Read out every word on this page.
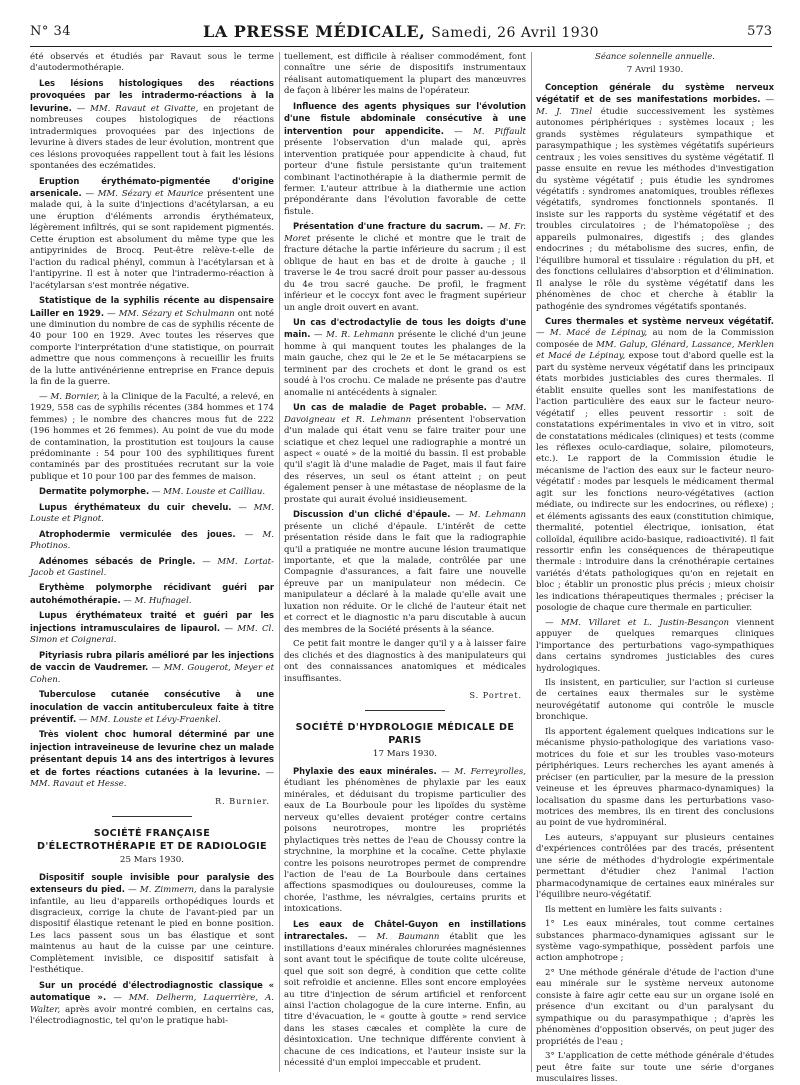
N° 34	LA PRESSE MÉDICALE, Samedi, 26 Avril 1930	573

été observés et étudiés par Ravaut sous le terme d'autodermothérapie.

Les lésions histologiques des réactions provoquées par les intradermo-réactions à la levurine. — MM. Ravaut et Givatte, en projetant de nombreuses coupes histologiques de réactions intradermiques provoquées par des injections de levurine à divers stades de leur évolution, montrent que ces lésions provoquées rappellent tout à fait les lésions spontanées des eczématides.

Eruption érythémato-pigmentée d'origine arsenicale. — MM. Sézary et Maurice présentent une malade qui, à la suite d'injections d'acétylarsan, a eu une éruption d'éléments arrondis érythémateux, légèrement infiltrés, qui se sont rapidement pigmentés. Cette éruption est absolument du même type que les antipyrinides de Brocq. Peut-être relève-t-elle de l'action du radical phényl, commun à l'acétylarsan et à l'antipyrine. Il est à noter que l'intradermo-réaction à l'acétylarsan s'est montrée négative.

Statistique de la syphilis récente au dispensaire Lailler en 1929. — MM. Sézary et Schulmann ont noté une diminution du nombre de cas de syphilis récente de 40 pour 100 en 1929. Avec toutes les réserves que comporte l'interprétation d'une statistique, on pourrait admettre que nous commençons à recueillir les fruits de la lutte antivénérienne entreprise en France depuis la fin de la guerre.

— M. Bornier, à la Clinique de la Faculté, a relevé, en 1929, 558 cas de syphilis récentes (384 hommes et 174 femmes) ; le nombre des chancres mous fut de 222 (196 hommes et 26 femmes). Au point de vue du mode de contamination, la prostitution est toujours la cause prédominante : 54 pour 100 des syphilitiques furent contaminés par des prostituées recrutant sur la voie publique et 10 pour 100 par des femmes de maison.

Dermatite polymorphe. — MM. Louste et Cailliau.

Lupus érythémateux du cuir chevelu. — MM. Louste et Pignot.

Atrophodermie vermiculée des joues. — M. Photinos.

Adénomes sébacés de Pringle. — MM. Lortat-Jacob et Gastinel.

Erythème polymorphe récidivant guéri par autohémothérapie. — M. Hufnagel.

Lupus érythémateux traité et guéri par les injections intramusculaires de lipaurol. — MM. Cl. Simon et Coignerai.

Pityriasis rubra pilaris amélioré par les injections de vaccin de Vaudremer. — MM. Gougerot, Meyer et Cohen.

Tuberculose cutanée consécutive à une inoculation de vaccin antituberculeux faite à titre préventif. — MM. Louste et Lévy-Fraenkel.

Très violent choc humoral déterminé par une injection intraveineuse de levurine chez un malade présentant depuis 14 ans des intertrigos à levures et de fortes réactions cutanées à la levurine. — MM. Ravaut et Hesse.

R. Burnier.
SOCIÉTÉ FRANÇAISE
D'ÉLECTROTHÉRAPIE ET DE RADIOLOGIE
25 Mars 1930.

Dispositif souple invisible pour paralysie des extenseurs du pied. — M. Zimmern, dans la paralysie infantile, au lieu d'appareils orthopédiques lourds et disgracieux, corrige la chute de l'avant-pied par un dispositif élastique retenant le pied en bonne position. Les lacs passent sous un bas élastique et sont maintenus au haut de la cuisse par une ceinture. Complètement invisible, ce dispositif satisfait à l'esthétique.

Sur un procédé d'électrodiagnostic classique « automatique ». — MM. Delherm, Laquerrière, A. Walter, après avoir montré combien, en certains cas, l'électrodiagnostic, tel qu'on le pratique habi-

tuellement, est difficile à réaliser commodément, font connaître une série de dispositifs instrumentaux réalisant automatiquement la plupart des manœuvres de façon à libérer les mains de l'opérateur.

Influence des agents physiques sur l'évolution d'une fistule abdominale consécutive à une intervention pour appendicite. — M. Piffault présente l'observation d'un malade qui, après intervention pratiquée pour appendicite à chaud, fut porteur d'une fistule persistante qu'un traitement combinant l'actinothérapie à la diathermie permit de fermer. L'auteur attribue à la diathermie une action prépondérante dans l'évolution favorable de cette fistule.

Présentation d'une fracture du sacrum. — M. Fr. Moret présente le cliché et montre que le trait de fracture détache la partie inférieure du sacrum ; il est oblique de haut en bas et de droite à gauche ; il traverse le 4e trou sacré droit pour passer au-dessous du 4e trou sacré gauche. De profil, le fragment inférieur et le coccyx font avec le fragment supérieur un angle droit ouvert en avant.

Un cas d'ectrodactylie de tous les doigts d'une main. — M. R. Lehmann présente le cliché d'un jeune homme à qui manquent toutes les phalanges de la main gauche, chez qui le 2e et le 5e métacarpiens se terminent par des crochets et dont le grand os est soudé à l'os crochu. Ce malade ne présente pas d'autre anomalie ni antécédents à signaler.

Un cas de maladie de Paget probable. — MM. Davoigneau et R. Lehmann présentent l'observation d'un malade qui était venu se faire traiter pour une sciatique et chez lequel une radiographie a montré un aspect « ouaté » de la moitié du bassin. Il est probable qu'il s'agit là d'une maladie de Paget, mais il faut faire des réserves, un seul os étant atteint ; on peut également penser à une métastase de néoplasme de la prostate qui aurait évolué insidieusement.

Discussion d'un cliché d'épaule. — M. Lehmann présente un cliché d'épaule. L'intérêt de cette présentation réside dans le fait que la radiographie qu'il a pratiquée ne montre aucune lésion traumatique importante, et que la malade, contrôlée par une Compagnie d'assurances, a fait faire une nouvelle épreuve par un manipulateur non médecin. Ce manipulateur a déclaré à la malade qu'elle avait une luxation non réduite. Or le cliché de l'auteur était net et correct et le diagnostic n'a paru discutable à aucun des membres de la Société présents à la séance.

Ce petit fait montre le danger qu'il y a à laisser faire des clichés et des diagnostics à des manipulateurs qui ont des connaissances anatomiques et médicales insuffisantes.

S. Portret.
SOCIÉTÉ D'HYDROLOGIE MÉDICALE DE PARIS
17 Mars 1930.

Phylaxie des eaux minérales. — M. Ferreyrolles, étudiant les phénomènes de phylaxie par les eaux minérales, et déduisant du tropisme particulier des eaux de La Bourboule pour les lipoïdes du système nerveux qu'elles devaient protéger contre certains poisons neurotropes, montre les propriétés phylactiques très nettes de l'eau de Choussy contre la strychnine, la morphine et la cocaïne. Cette phylaxie contre les poisons neurotropes permet de comprendre l'action de l'eau de La Bourboule dans certaines affections spasmodiques ou douloureuses, comme la chorée, l'asthme, les névralgies, certains prurits et intoxications.

Les eaux de Châtel-Guyon en instillations intrarectales. — M. Baumann établit que les instillations d'eaux minérales chlorurées magnésiennes sont avant tout le spécifique de toute colite ulcéreuse, quel que soit son degré, à condition que cette colite soit refroidie et ancienne. Elles sont encore employées au titre d'injection de sérum artificiel et renforcent ainsi l'action cholagogue de la cure interne. Enfin, au titre d'évacuation, le « goutte à goutte » rend service dans les stases cæcales et complète la cure de désintoxication. Une technique différente convient à chacune de ces indications, et l'auteur insiste sur la nécessité d'un emploi impeccable et prudent.

Séance solennelle annuelle.
7 Avril 1930.

Conception générale du système nerveux végétatif et de ses manifestations morbides. — M. J. Tinel étudie successivement les systèmes autonomes périphériques : systèmes locaux ; les grands systèmes régulateurs sympathique et parasympathique ; les systèmes végétatifs supérieurs centraux ; les voies sensitives du système végétatif. Il passe ensuite en revue les méthodes d'investigation du système végétatif ; puis étudie les syndromes végétatifs : syndromes anatomiques, troubles réflexes végétatifs, syndromes fonctionnels spontanés. Il insiste sur les rapports du système végétatif et des troubles circulatoires ; de l'hématopoïèse ; des appareils pulmonaires, digestifs ; des glandes endocrines ; du métabolisme des sucres, enfin, de l'équilibre humoral et tissulaire : régulation du pH, et des fonctions cellulaires d'absorption et d'élimination. Il analyse le rôle du système végétatif dans les phénomènes de choc et cherche à établir la pathogénie des syndromes végétatifs spontanés.

Cures thermales et système nerveux végétatif. — M. Macé de Lépinay, au nom de la Commission composée de MM. Galup, Glénard, Lassance, Merklen et Macé de Lépinay, expose tout d'abord quelle est la part du système nerveux végétatif dans les principaux états morbides justiciables des cures thermales. Il établit ensuite quelles sont les manifestations de l'action particulière des eaux sur le facteur neuro-végétatif ; elles peuvent ressortir : soit de constatations expérimentales in vivo et in vitro, soit de constatations médicales (cliniques) et tests (comme les réflexes oculo-cardiaque, solaire, pilomoteurs, etc.). Le rapport de la Commission étudie le mécanisme de l'action des eaux sur le facteur neuro-végétatif : modes par lesquels le médicament thermal agit sur les fonctions neuro-végétatives (action médiate, ou indirecte sur les endocrines, ou réflexe) ; et éléments agissants des eaux (constitution chimique, thermalité, potentiel électrique, ionisation, état colloïdal, équilibre acido-basique, radioactivité). Il fait ressortir enfin les conséquences de thérapeutique thermale : introduire dans la crénothérapie certaines variétés d'états pathologiques qu'on en rejetait en bloc ; établir un pronostic plus précis ; mieux choisir les indications thérapeutiques thermales ; préciser la posologie de chaque cure thermale en particulier.

— MM. Villaret et L. Justin-Besançon viennent appuyer de quelques remarques cliniques l'importance des perturbations vago-sympathiques dans certains syndromes justiciables des cures hydrologiques.

Ils insistent, en particulier, sur l'action si curieuse de certaines eaux thermales sur le système neurovégétatif autonome qui contrôle le muscle bronchique.

Ils apportent également quelques indications sur le mécanisme physio-pathologique des variations vaso-motrices du foie et sur les troubles vaso-moteurs périphériques. Leurs recherches les ayant amenés à préciser (en particulier, par la mesure de la pression veineuse et les épreuves pharmaco-dynamiques) la localisation du spasme dans les perturbations vaso-motrices des membres, ils en tirent des conclusions au point de vue hydrominéral.

Les auteurs, s'appuyant sur plusieurs centaines d'expériences contrôlées par des tracés, présentent une série de méthodes d'hydrologie expérimentale permettant d'étudier chez l'animal l'action pharmacodynamique de certaines eaux minérales sur l'équilibre neuro-végétatif.

Ils mettent en lumière les faits suivants :

1° Les eaux minérales, tout comme certaines substances pharmaco-dynamiques agissant sur le système vago-sympathique, possèdent parfois une action amphotrope ;

2° Une méthode générale d'étude de l'action d'une eau minérale sur le système nerveux autonome consiste à faire agir cette eau sur un organe isolé en présence d'un excitant ou d'un paralysant du sympathique ou du parasympathique ; d'après les phénomènes d'opposition observés, on peut juger des propriétés de l'eau ;

3° L'application de cette méthode générale d'études peut être faite sur toute une série d'organes musculaires lisses.
